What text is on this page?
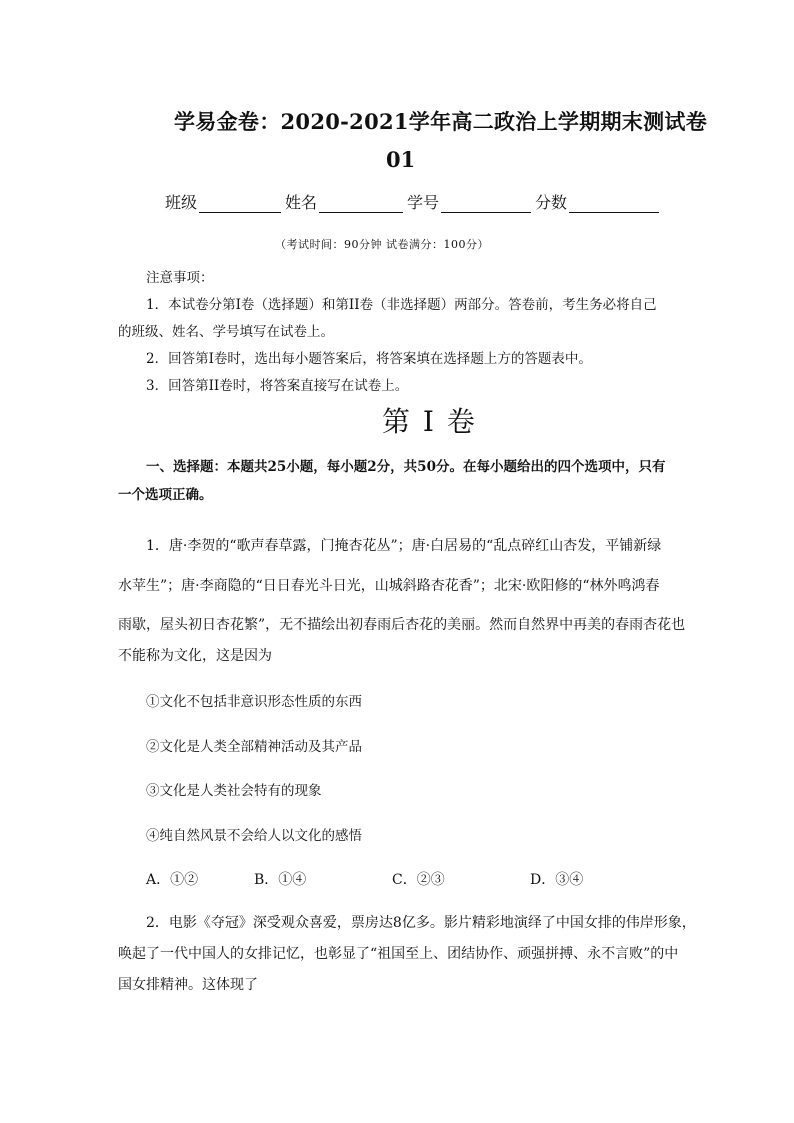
学易金卷：2020-2021学年高二政治上学期期末测试卷
01
班级	姓名	学号	分数
（考试时间：90分钟 试卷满分：100分）
注意事项：
1．本试卷分第I卷（选择题）和第II卷（非选择题）两部分。答卷前，考生务必将自己
的班级、姓名、学号填写在试卷上。
2．回答第I卷时，选出每小题答案后，将答案填在选择题上方的答题表中。
3．回答第II卷时，将答案直接写在试卷上。
第 I 卷
一、选择题：本题共25小题，每小题2分，共50分。在每小题给出的四个选项中，只有
一个选项正确。
1．唐·李贺的“歌声春草露，门掩杏花丛”；唐·白居易的“乱点碎红山杏发，平铺新绿
水苹生”；唐·李商隐的“日日春光斗日光，山城斜路杏花香”；北宋·欧阳修的“林外鸣鸿春
雨歇，屋头初日杏花繁”，无不描绘出初春雨后杏花的美丽。然而自然界中再美的春雨杏花也
不能称为文化，这是因为
①文化不包括非意识形态性质的东西
②文化是人类全部精神活动及其产品
③文化是人类社会特有的现象
④纯自然风景不会给人以文化的感悟
A．①②	B．①④	C．②③	D．③④
2．电影《夺冠》深受观众喜爱，票房达8亿多。影片精彩地演绎了中国女排的伟岸形象，
唤起了一代中国人的女排记忆，也彰显了“祖国至上、团结协作、顽强拼搏、永不言败”的中
国女排精神。这体现了
